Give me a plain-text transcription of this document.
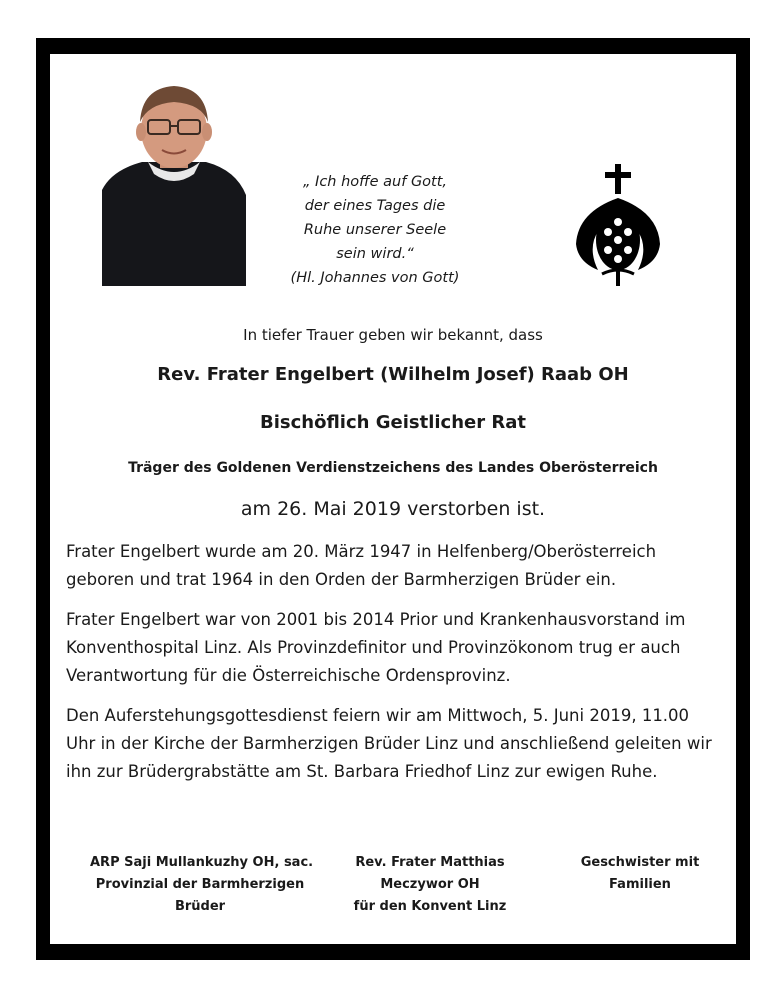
„ Ich hoffe auf Gott,
der eines Tages die
Ruhe unserer Seele
sein wird.“
(Hl. Johannes von Gott)
In tiefer Trauer geben wir bekannt, dass
Rev. Frater Engelbert (Wilhelm Josef) Raab OH
Bischöflich Geistlicher Rat
Träger des Goldenen Verdienstzeichens des Landes Oberösterreich
am 26. Mai 2019 verstorben ist.

Frater Engelbert wurde am 20. März 1947 in Helfenberg/Oberösterreich geboren und trat 1964 in den Orden der Barmherzigen Brüder ein.

Frater Engelbert war von 2001 bis 2014 Prior und Krankenhausvorstand im Konventhospital Linz. Als Provinzdefinitor und Provinzökonom trug er auch Verantwortung für die Österreichische Ordensprovinz.

Den Auferstehungsgottesdienst feiern wir am Mittwoch, 5. Juni 2019, 11.00 Uhr in der Kirche der Barmherzigen Brüder Linz und anschließend geleiten wir ihn zur Brüdergrabstätte am St. Barbara Friedhof Linz zur ewigen Ruhe.

ARP Saji Mullankuzhy OH, sac.
Provinzial der Barmherzigen
Brüder
Rev. Frater Matthias
Meczywor OH
für den Konvent Linz
Geschwister mit
Familien
